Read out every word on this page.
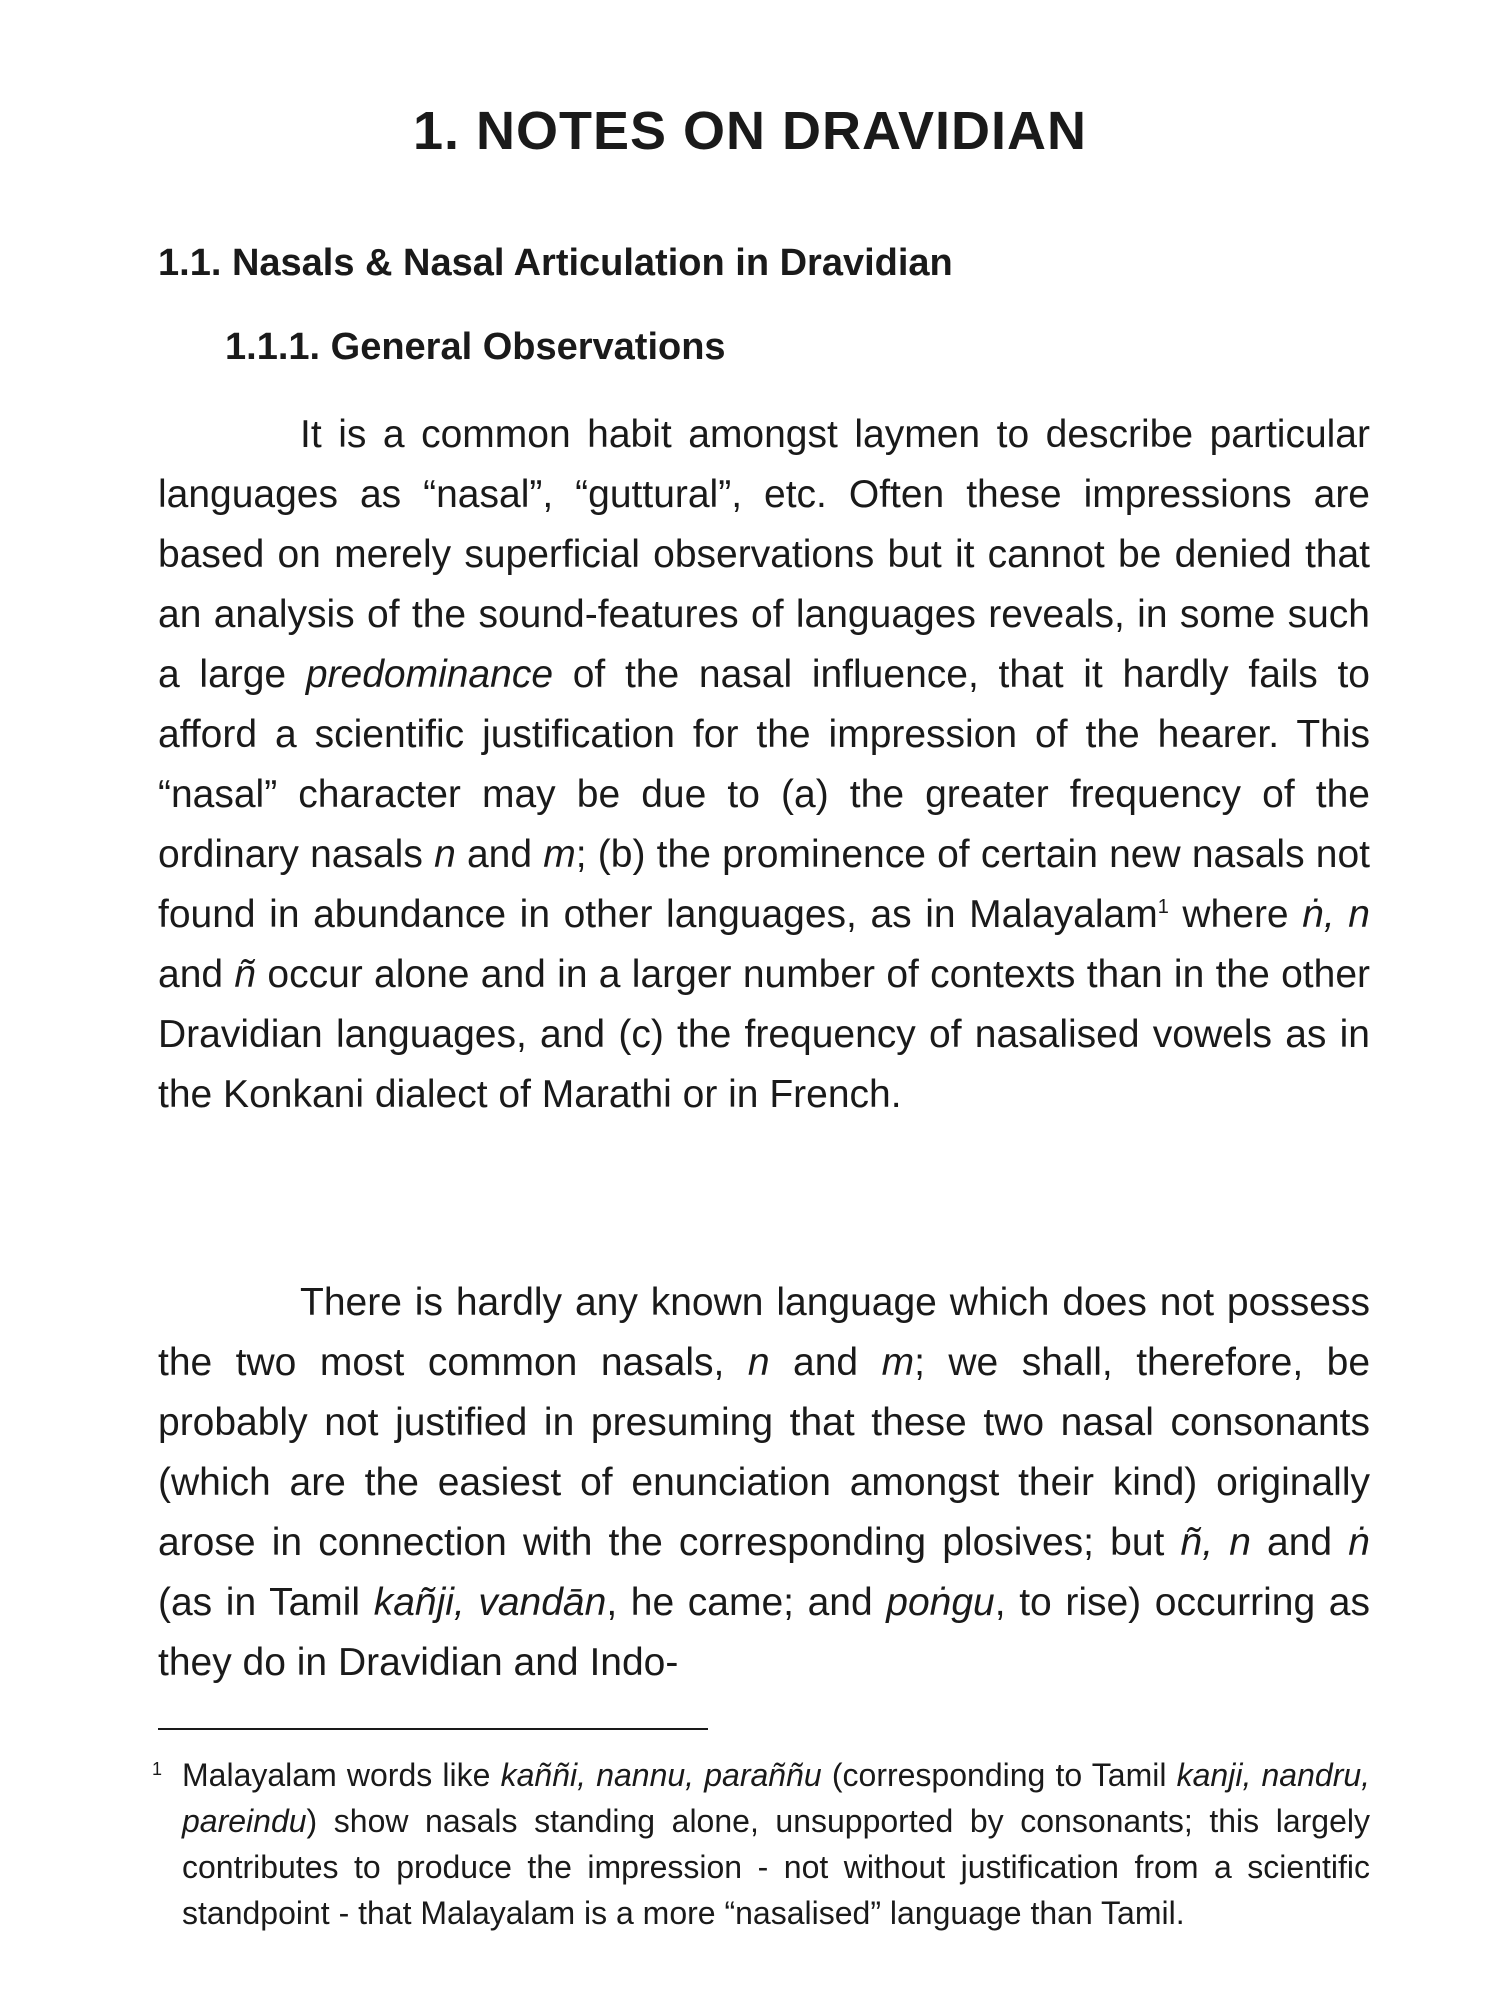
1. NOTES ON DRAVIDIAN
1.1. Nasals & Nasal Articulation in Dravidian
1.1.1. General Observations

It is a common habit amongst laymen to describe particular languages as “nasal”, “guttural”, etc. Often these impressions are based on merely superficial observations but it cannot be denied that an analysis of the sound-features of languages reveals, in some such a large predominance of the nasal influence, that it hardly fails to afford a scientific justification for the impression of the hearer. This “nasal” character may be due to (a) the greater frequency of the ordinary nasals n and m; (b) the prominence of certain new nasals not found in abundance in other languages, as in Malayalam$^1$ where ṅ, n and ñ occur alone and in a larger number of contexts than in the other Dravidian languages, and (c) the frequency of nasalised vowels as in the Konkani dialect of Marathi or in French.

There is hardly any known language which does not possess the two most common nasals, n and m; we shall, therefore, be probably not justified in presuming that these two nasal consonants (which are the easiest of enunciation amongst their kind) originally arose in connection with the corresponding plosives; but ñ, n and ṅ (as in Tamil kañji, vandān, he came; and poṅgu, to rise) occurring as they do in Dravidian and Indo-

1 Malayalam words like kaññi, nannu, paraññu (corresponding to Tamil kanji, nandru, pareindu) show nasals standing alone, unsupported by consonants; this largely contributes to produce the impression - not without justification from a scientific standpoint - that Malayalam is a more “nasalised” language than Tamil.
